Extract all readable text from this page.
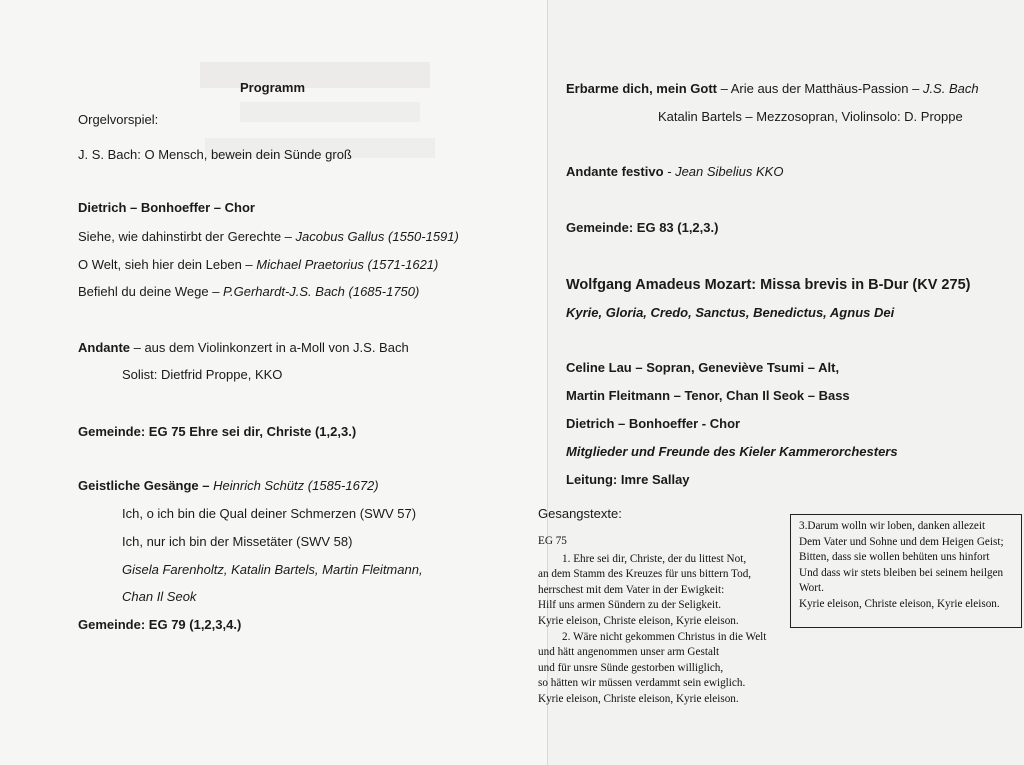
Programm
Orgelvorspiel:
J. S. Bach: O Mensch, bewein dein Sünde groß
Dietrich – Bonhoeffer – Chor
Siehe, wie dahinstirbt der Gerechte – Jacobus Gallus (1550-1591)
O Welt, sieh hier dein Leben – Michael Praetorius (1571-1621)
Befiehl du deine Wege – P.Gerhardt-J.S. Bach (1685-1750)
Andante – aus dem Violinkonzert in a-Moll von J.S. Bach
Solist: Dietfrid Proppe, KKO
Gemeinde: EG 75 Ehre sei dir, Christe (1,2,3.)
Geistliche Gesänge – Heinrich Schütz (1585-1672)
Ich, o ich bin die Qual deiner Schmerzen (SWV 57)
Ich, nur ich bin der Missetäter (SWV 58)
Gisela Farenholtz, Katalin Bartels, Martin Fleitmann,
Chan Il Seok
Gemeinde: EG 79 (1,2,3,4.)
Erbarme dich, mein Gott – Arie aus der Matthäus-Passion – J.S. Bach
Katalin Bartels – Mezzosopran, Violinsolo: D. Proppe
Andante festivo - Jean Sibelius KKO
Gemeinde: EG 83 (1,2,3.)
Wolfgang Amadeus Mozart: Missa brevis in B-Dur (KV 275)
Kyrie, Gloria, Credo, Sanctus, Benedictus, Agnus Dei
Celine Lau – Sopran, Geneviève Tsumi – Alt,
Martin Fleitmann – Tenor, Chan Il Seok – Bass
Dietrich – Bonhoeffer - Chor
Mitglieder und Freunde des Kieler Kammerorchesters
Leitung: Imre Sallay
Gesangstexte:
EG 75
1. Ehre sei dir, Christe, der du littest Not,
an dem Stamm des Kreuzes für uns bittern Tod,
herrschest mit dem Vater in der Ewigkeit:
Hilf uns armen Sündern zu der Seligkeit.
Kyrie eleison, Christe eleison, Kyrie eleison.
2. Wäre nicht gekommen Christus in die Welt
und hätt angenommen unser arm Gestalt
und für unsre Sünde gestorben williglich,
so hätten wir müssen verdammt sein ewiglich.
Kyrie eleison, Christe eleison, Kyrie eleison.
3.Darum wolln wir loben, danken allezeit
Dem Vater und Sohne und dem Heigen Geist;
Bitten, dass sie wollen behüten uns hinfort
Und dass wir stets bleiben bei seinem heilgen
Wort.
Kyrie eleison, Christe eleison, Kyrie eleison.
